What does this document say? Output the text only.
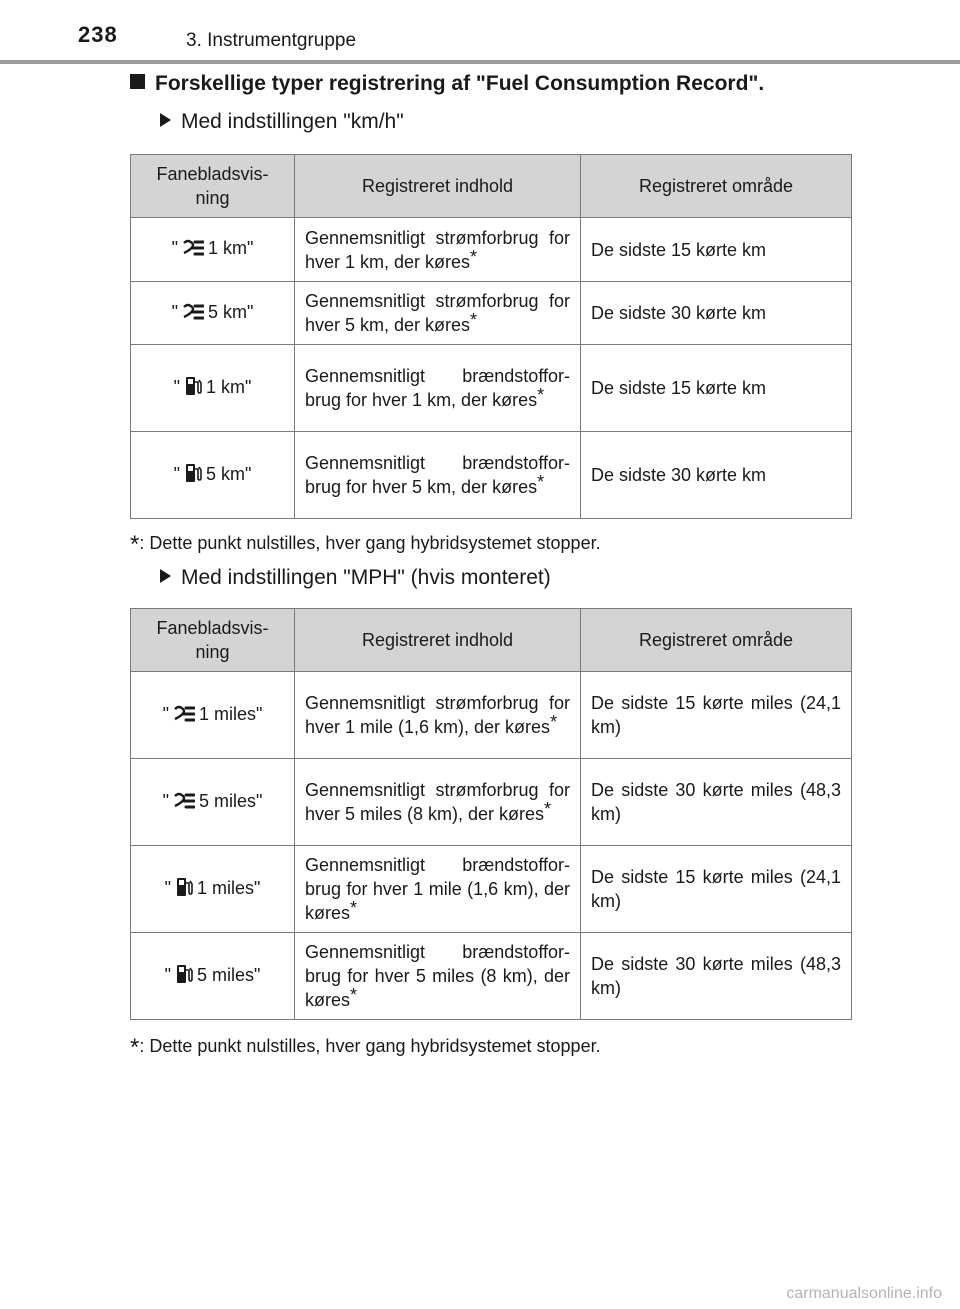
238	3. Instrumentgruppe
Forskellige typer registrering af "Fuel Consumption Record".
Med indstillingen "km/h"
Fanebladsvis-
ning	Registreret indhold	Registreret område
" 1 km"	Gennemsnitligt strømforbrug for hver 1 km, der køres*	De sidste 15 kørte km
" 5 km"	Gennemsnitligt strømforbrug for hver 5 km, der køres*	De sidste 30 kørte km
" 1 km"	Gennemsnitligt brændstoffor-brug for hver 1 km, der køres*	De sidste 15 kørte km
" 5 km"	Gennemsnitligt brændstoffor-brug for hver 5 km, der køres*	De sidste 30 kørte km
*: Dette punkt nulstilles, hver gang hybridsystemet stopper.
Med indstillingen "MPH" (hvis monteret)
Fanebladsvis-
ning	Registreret indhold	Registreret område
" 1 miles"	Gennemsnitligt strømforbrug for hver 1 mile (1,6 km), der køres*	De sidste 15 kørte miles (24,1 km)
" 5 miles"	Gennemsnitligt strømforbrug for hver 5 miles (8 km), der køres*	De sidste 30 kørte miles (48,3 km)
" 1 miles"	Gennemsnitligt brændstoffor-brug for hver 1 mile (1,6 km), der køres*	De sidste 15 kørte miles (24,1 km)
" 5 miles"	Gennemsnitligt brændstoffor-brug for hver 5 miles (8 km), der køres*	De sidste 30 kørte miles (48,3 km)
*: Dette punkt nulstilles, hver gang hybridsystemet stopper.
carmanualsonline.info
